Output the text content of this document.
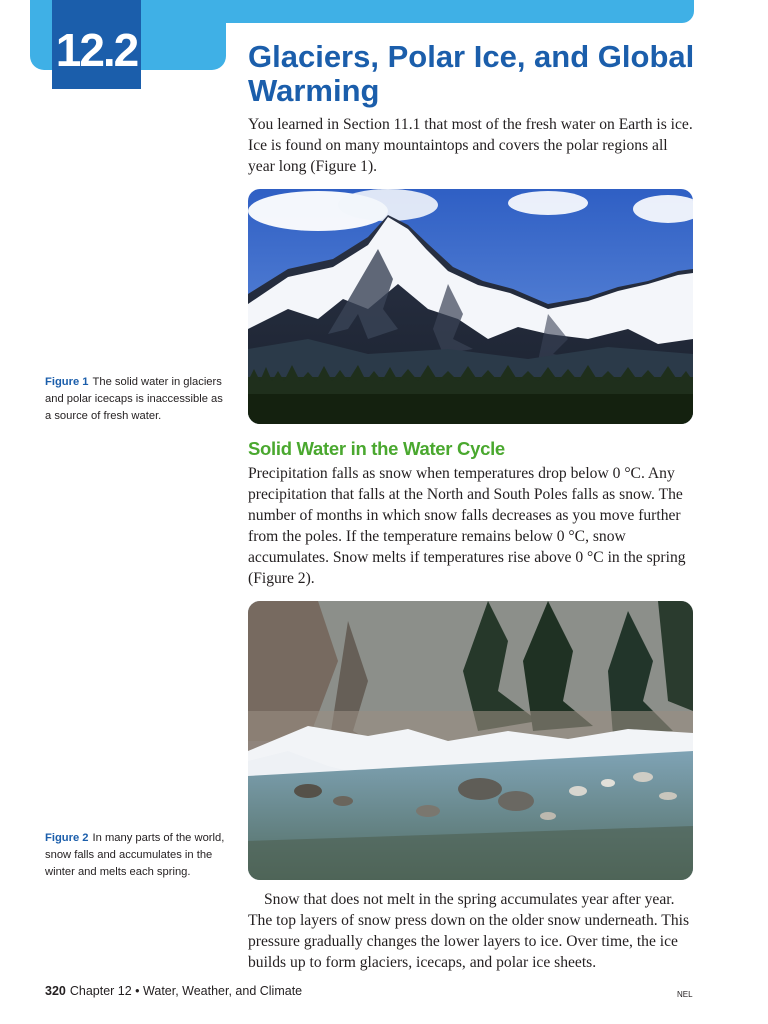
12.2	Glaciers, Polar Ice, and Global Warming

You learned in Section 11.1 that most of the fresh water on Earth is ice. Ice is found on many mountaintops and covers the polar regions all year long (Figure 1).

Figure 1 The solid water in glaciers and polar icecaps is inaccessible as a source of fresh water.

Solid Water in the Water Cycle

Precipitation falls as snow when temperatures drop below 0 °C. Any precipitation that falls at the North and South Poles falls as snow. The number of months in which snow falls decreases as you move further from the poles. If the temperature remains below 0 °C, snow accumulates. Snow melts if temperatures rise above 0 °C in the spring (Figure 2).

Figure 2 In many parts of the world, snow falls and accumulates in the winter and melts each spring.

Snow that does not melt in the spring accumulates year after year. The top layers of snow press down on the older snow underneath. This pressure gradually changes the lower layers to ice. Over time, the ice builds up to form glaciers, icecaps, and polar ice sheets.

320 Chapter 12 • Water, Weather, and Climate	NEL
